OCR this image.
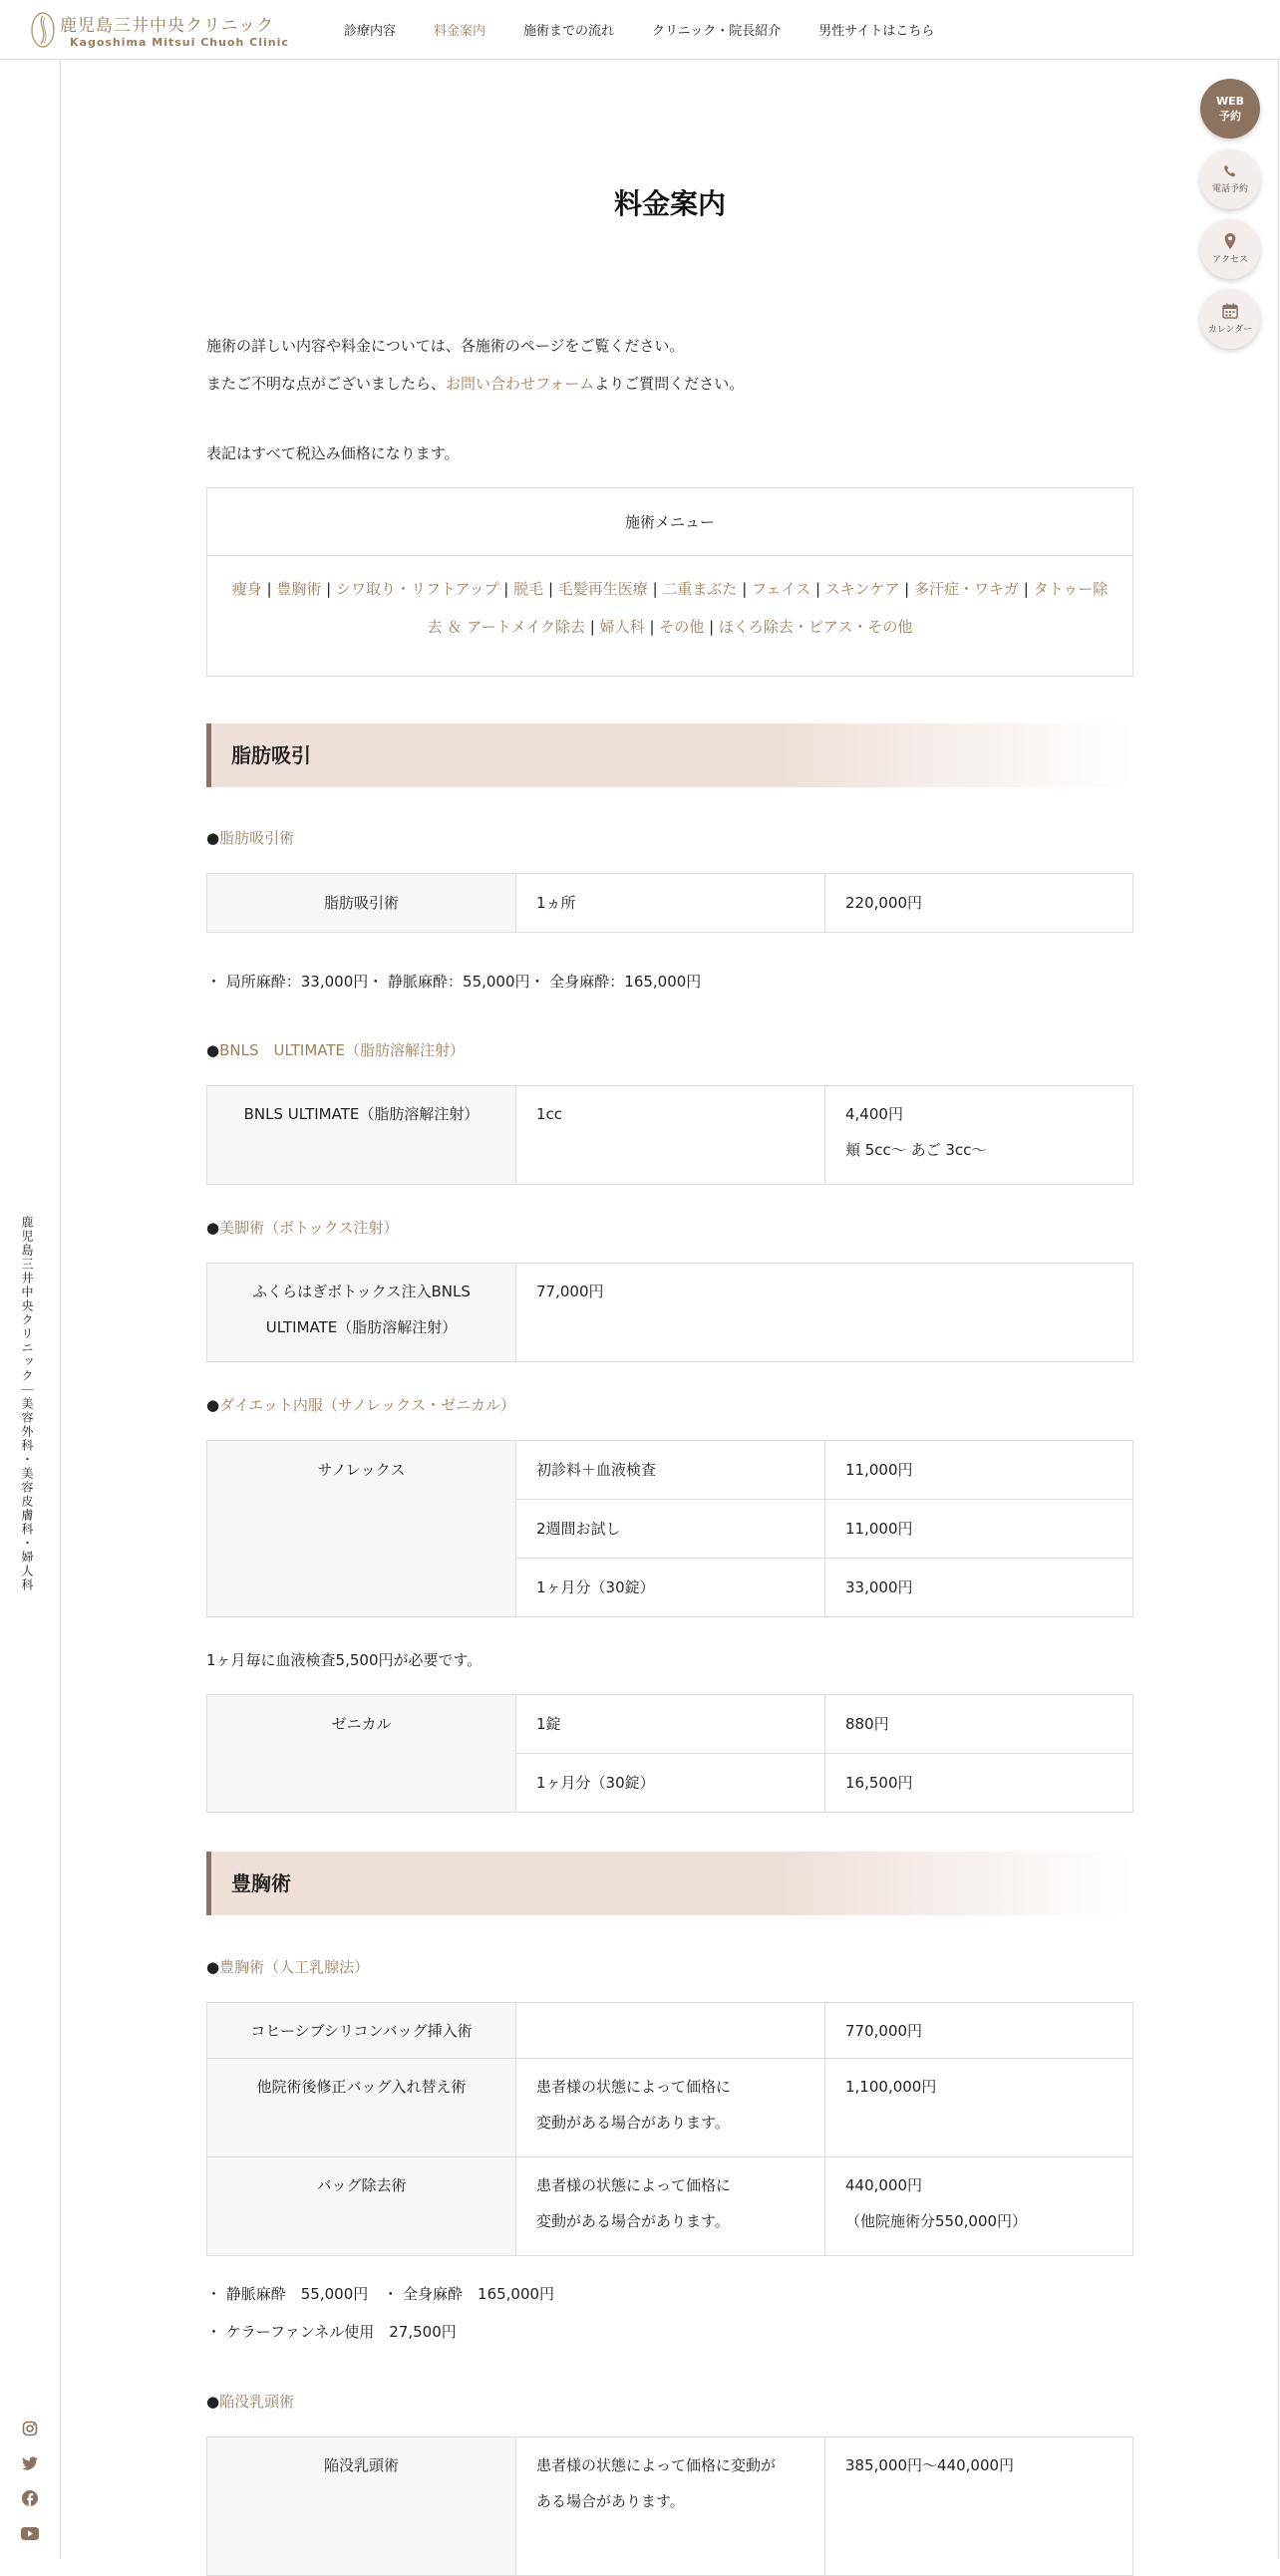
鹿児島三井中央クリニック
Kagoshima Mitsui Chuoh Clinic
診療内容	料金案内	施術までの流れ	クリニック・院長紹介	男性サイトはこちら
鹿児島三井中央クリニック｜美容外科・美容皮膚科・婦人科
WEB
予約
電話予約
アクセス
カレンダー
料金案内

施術の詳しい内容や料金については、各施術のページをご覧ください。

またご不明な点がございましたら、お問い合わせフォームよりご質問ください。

表記はすべて税込み価格になります。

施術メニュー
痩身 | 豊胸術 | シワ取り・リフトアップ | 脱毛 | 毛髪再生医療 | 二重まぶた | フェイス | スキンケア | 多汗症・ワキガ | タトゥー除去 ＆ アートメイク除去 | 婦人科 | その他 | ほくろ除去・ピアス・その他
脂肪吸引

●脂肪吸引術

脂肪吸引術	1ヵ所	220,000円

・ 局所麻酔：33,000円・ 静脈麻酔：55,000円・ 全身麻酔：165,000円

●BNLS　ULTIMATE（脂肪溶解注射）

BNLS ULTIMATE（脂肪溶解注射）	1cc	4,400円
頬 5cc～ あご 3cc～

●美脚術（ボトックス注射）

ふくらはぎボトックス注入BNLS
ULTIMATE（脂肪溶解注射）	77,000円

●ダイエット内服（サノレックス・ゼニカル）

サノレックス	初診料＋血液検査	11,000円
	2週間お試し	11,000円
	1ヶ月分（30錠）	33,000円

1ヶ月毎に血液検査5,500円が必要です。

ゼニカル	1錠	880円
	1ヶ月分（30錠）	16,500円
豊胸術

●豊胸術（人工乳腺法）

コヒーシブシリコンバッグ挿入術		770,000円
他院術後修正バッグ入れ替え術	患者様の状態によって価格に
変動がある場合があります。	1,100,000円
バッグ除去術	患者様の状態によって価格に
変動がある場合があります。	440,000円
（他院施術分550,000円）

・ 静脈麻酔　55,000円　・ 全身麻酔　165,000円

・ ケラーファンネル使用　27,500円

●陥没乳頭術

陥没乳頭術	患者様の状態によって価格に変動が
ある場合があります。	385,000円～440,000円
